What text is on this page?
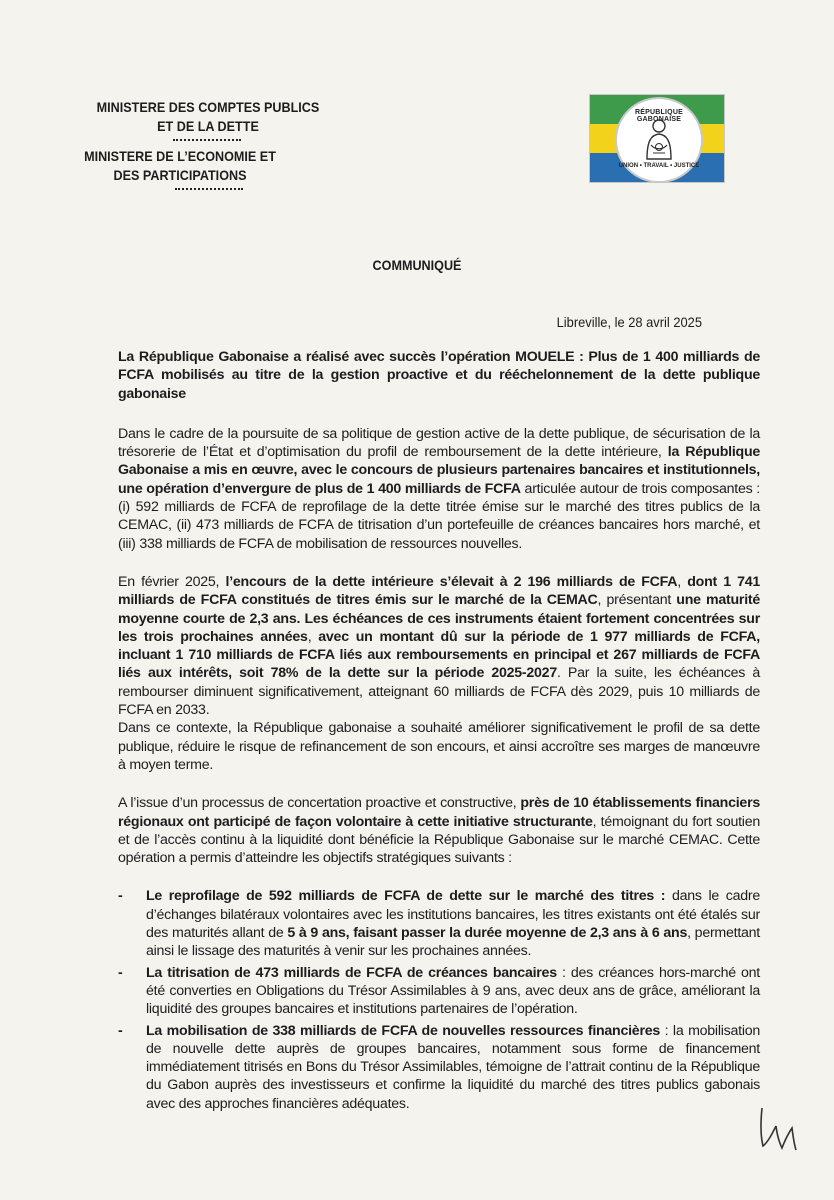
MINISTERE DES COMPTES PUBLICS
ET DE LA DETTE
MINISTERE DE L’ECONOMIE ET
DES PARTICIPATIONS
RÉPUBLIQUE GABONAISE
UNION • TRAVAIL • JUSTICE
COMMUNIQUÉ
Libreville, le 28 avril 2025

La République Gabonaise a réalisé avec succès l’opération MOUELE : Plus de 1 400 milliards de FCFA mobilisés au titre de la gestion proactive et du rééchelonnement de la dette publique gabonaise

Dans le cadre de la poursuite de sa politique de gestion active de la dette publique, de sécurisation de la trésorerie de l’État et d’optimisation du profil de remboursement de la dette intérieure, la République Gabonaise a mis en œuvre, avec le concours de plusieurs partenaires bancaires et institutionnels, une opération d’envergure de plus de 1 400 milliards de FCFA articulée autour de trois composantes : (i) 592 milliards de FCFA de reprofilage de la dette titrée émise sur le marché des titres publics de la CEMAC, (ii) 473 milliards de FCFA de titrisation d’un portefeuille de créances bancaires hors marché, et (iii) 338 milliards de FCFA de mobilisation de ressources nouvelles.

En février 2025, l’encours de la dette intérieure s’élevait à 2 196 milliards de FCFA, dont 1 741 milliards de FCFA constitués de titres émis sur le marché de la CEMAC, présentant une maturité moyenne courte de 2,3 ans. Les échéances de ces instruments étaient fortement concentrées sur les trois prochaines années, avec un montant dû sur la période de 1 977 milliards de FCFA, incluant 1 710 milliards de FCFA liés aux remboursements en principal et 267 milliards de FCFA liés aux intérêts, soit 78% de la dette sur la période 2025-2027. Par la suite, les échéances à rembourser diminuent significativement, atteignant 60 milliards de FCFA dès 2029, puis 10 milliards de FCFA en 2033.

Dans ce contexte, la République gabonaise a souhaité améliorer significativement le profil de sa dette publique, réduire le risque de refinancement de son encours, et ainsi accroître ses marges de manœuvre à moyen terme.

A l’issue d’un processus de concertation proactive et constructive, près de 10 établissements financiers régionaux ont participé de façon volontaire à cette initiative structurante, témoignant du fort soutien et de l’accès continu à la liquidité dont bénéficie la République Gabonaise sur le marché CEMAC. Cette opération a permis d’atteindre les objectifs stratégiques suivants :

- Le reprofilage de 592 milliards de FCFA de dette sur le marché des titres : dans le cadre d’échanges bilatéraux volontaires avec les institutions bancaires, les titres existants ont été étalés sur des maturités allant de 5 à 9 ans, faisant passer la durée moyenne de 2,3 ans à 6 ans, permettant ainsi le lissage des maturités à venir sur les prochaines années.
- La titrisation de 473 milliards de FCFA de créances bancaires : des créances hors-marché ont été converties en Obligations du Trésor Assimilables à 9 ans, avec deux ans de grâce, améliorant la liquidité des groupes bancaires et institutions partenaires de l’opération.
- La mobilisation de 338 milliards de FCFA de nouvelles ressources financières : la mobilisation de nouvelle dette auprès de groupes bancaires, notamment sous forme de financement immédiatement titrisés en Bons du Trésor Assimilables, témoigne de l’attrait continu de la République du Gabon auprès des investisseurs et confirme la liquidité du marché des titres publics gabonais avec des approches financières adéquates.
